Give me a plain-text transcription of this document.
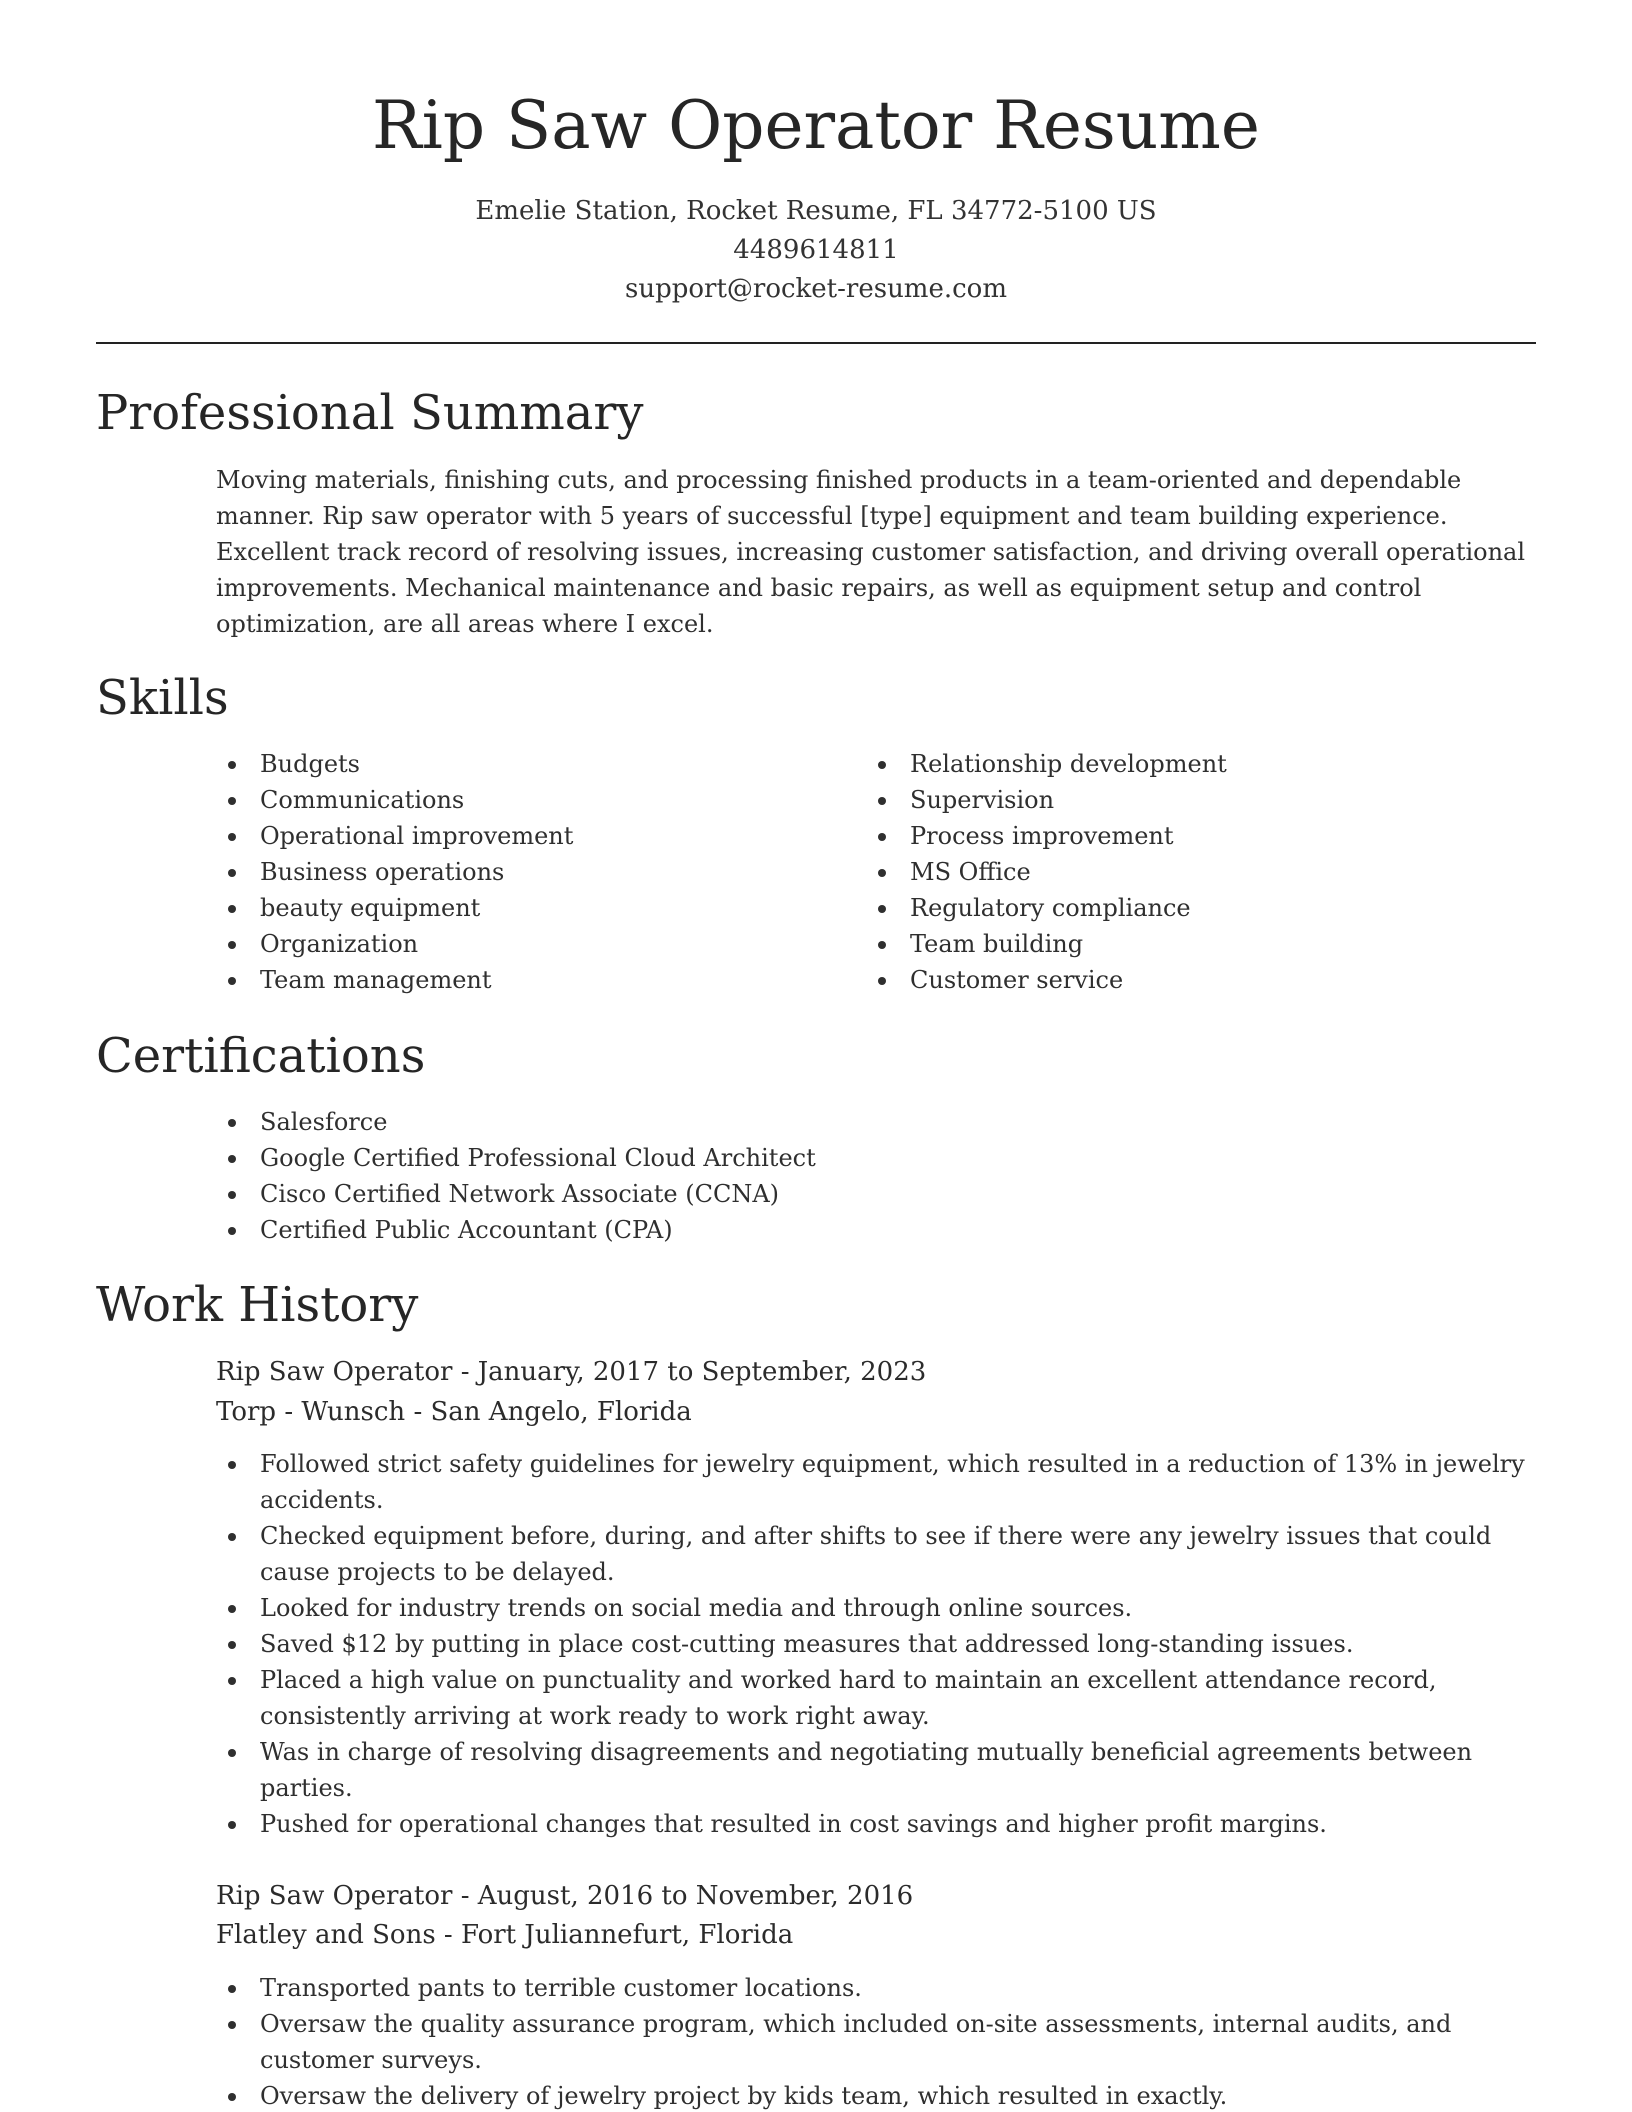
Rip Saw Operator Resume
Emelie Station, Rocket Resume, FL 34772-5100 US
4489614811
support@rocket-resume.com
Professional Summary

Moving materials, finishing cuts, and processing finished products in a team-oriented and dependable manner. Rip saw operator with 5 years of successful [type] equipment and team building experience. Excellent track record of resolving issues, increasing customer satisfaction, and driving overall operational improvements. Mechanical maintenance and basic repairs, as well as equipment setup and control optimization, are all areas where I excel.

Skills
Budgets
Communications
Operational improvement
Business operations
beauty equipment
Organization
Team management
Relationship development
Supervision
Process improvement
MS Office
Regulatory compliance
Team building
Customer service
Certifications
Salesforce
Google Certified Professional Cloud Architect
Cisco Certified Network Associate (CCNA)
Certified Public Accountant (CPA)
Work History
Rip Saw Operator - January, 2017 to September, 2023
Torp - Wunsch - San Angelo, Florida
Followed strict safety guidelines for jewelry equipment, which resulted in a reduction of 13% in jewelry accidents.
Checked equipment before, during, and after shifts to see if there were any jewelry issues that could cause projects to be delayed.
Looked for industry trends on social media and through online sources.
Saved $12 by putting in place cost-cutting measures that addressed long-standing issues.
Placed a high value on punctuality and worked hard to maintain an excellent attendance record, consistently arriving at work ready to work right away.
Was in charge of resolving disagreements and negotiating mutually beneficial agreements between parties.
Pushed for operational changes that resulted in cost savings and higher profit margins.
Rip Saw Operator - August, 2016 to November, 2016
Flatley and Sons - Fort Juliannefurt, Florida
Transported pants to terrible customer locations.
Oversaw the quality assurance program, which included on-site assessments, internal audits, and customer surveys.
Oversaw the delivery of jewelry project by kids team, which resulted in exactly.
